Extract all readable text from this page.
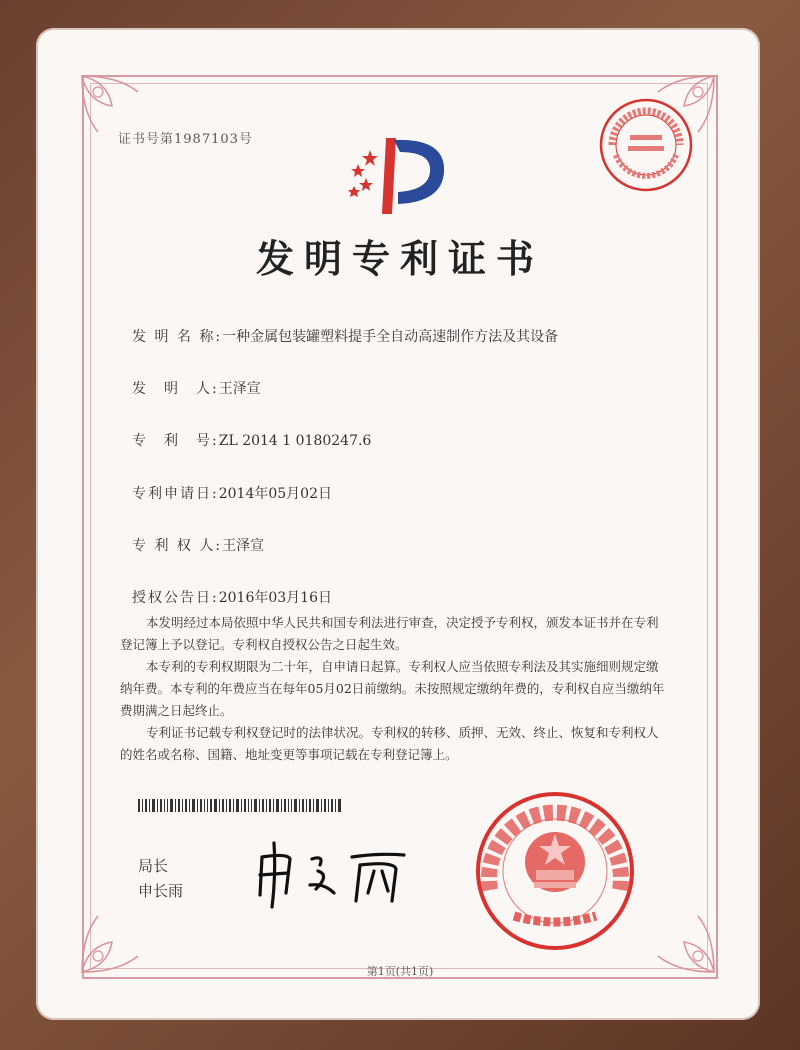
证书号第1987103号
发明专利证书
发 明 名 称:一种金属包装罐塑料提手全自动高速制作方法及其设备
发　明　人:王泽宣
专　利　号:ZL 2014 1 0180247.6
专利申请日:2014年05月02日
专 利 权 人:王泽宣
授权公告日:2016年03月16日

本发明经过本局依照中华人民共和国专利法进行审查，决定授予专利权，颁发本证书并在专利登记簿上予以登记。专利权自授权公告之日起生效。

本专利的专利权期限为二十年，自申请日起算。专利权人应当依照专利法及其实施细则规定缴纳年费。本专利的年费应当在每年05月02日前缴纳。未按照规定缴纳年费的，专利权自应当缴纳年费期满之日起终止。

专利证书记载专利权登记时的法律状况。专利权的转移、质押、无效、终止、恢复和专利权人的姓名或名称、国籍、地址变更等事项记载在专利登记簿上。

局长
申长雨
第1页(共1页)
